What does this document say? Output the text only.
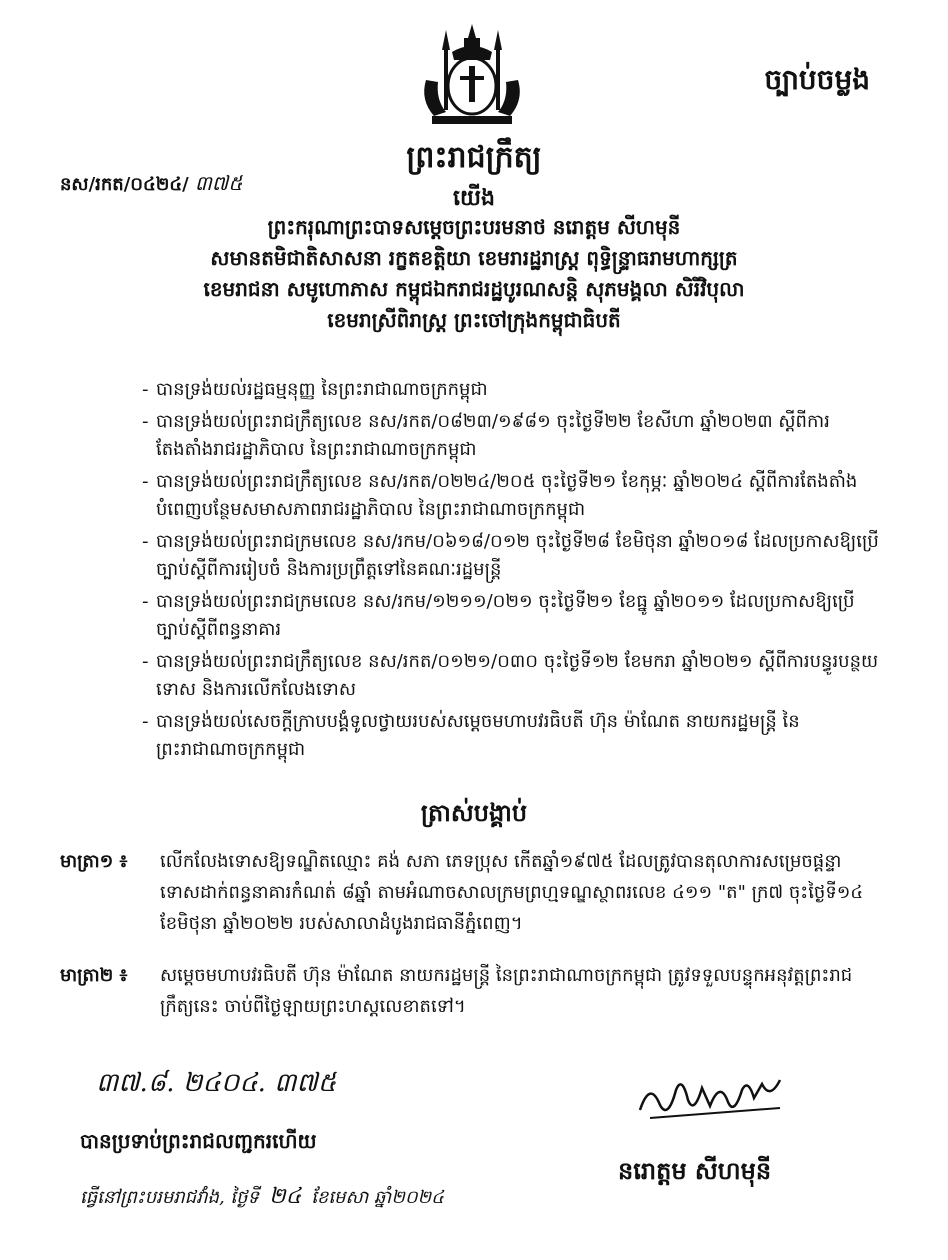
ច្បាប់ចម្លង
ព្រះរាជក្រឹត្យ
នស/រកត/០៤២៤/ ៣៧៥
យើង
ព្រះករុណាព្រះបាទសម្តេចព្រះបរមនាថ នរោត្តម សីហមុនី
សមានតមិជាតិសាសនា រក្ខតខត្តិយា ខេមរារដ្ឋរាស្ត្រ ពុទ្ធិន្ទ្រាធរាមហាក្សត្រ
ខេមរាជនា សមូហោភាស កម្ពុជឯករាជរដ្ឋបូរណសន្តិ សុភមង្គលា សិរីវិបុលា
ខេមរាស្រីពិរាស្ត្រ ព្រះចៅក្រុងកម្ពុជាធិបតី
- បានទ្រង់យល់រដ្ឋធម្មនុញ្ញ នៃព្រះរាជាណាចក្រកម្ពុជា
- បានទ្រង់យល់ព្រះរាជក្រឹត្យលេខ នស/រកត/០៨២៣/១៩៨១ ចុះថ្ងៃទី២២ ខែសីហា ឆ្នាំ២០២៣ ស្តីពីការតែងតាំងរាជរដ្ឋាភិបាល នៃព្រះរាជាណាចក្រកម្ពុជា
- បានទ្រង់យល់ព្រះរាជក្រឹត្យលេខ នស/រកត/០២២៤/២០៥ ចុះថ្ងៃទី២១ ខែកុម្ភៈ ឆ្នាំ២០២៤ ស្តីពីការតែងតាំងបំពេញបន្ថែមសមាសភាពរាជរដ្ឋាភិបាល នៃព្រះរាជាណាចក្រកម្ពុជា
- បានទ្រង់យល់ព្រះរាជក្រមលេខ នស/រកម/០៦១៨/០១២ ចុះថ្ងៃទី២៨ ខែមិថុនា ឆ្នាំ២០១៨ ដែលប្រកាសឱ្យប្រើច្បាប់ស្តីពីការរៀបចំ និងការប្រព្រឹត្តទៅនៃគណៈរដ្ឋមន្ត្រី
- បានទ្រង់យល់ព្រះរាជក្រមលេខ នស/រកម/១២១១/០២១ ចុះថ្ងៃទី២១ ខែធ្នូ ឆ្នាំ២០១១ ដែលប្រកាសឱ្យប្រើច្បាប់ស្តីពីពន្ធនាគារ
- បានទ្រង់យល់ព្រះរាជក្រឹត្យលេខ នស/រកត/០១២១/០៣០ ចុះថ្ងៃទី១២ ខែមករា ឆ្នាំ២០២១ ស្តីពីការបន្ធូរបន្ថយទោស និងការលើកលែងទោស
- បានទ្រង់យល់សេចក្តីក្រាបបង្គំទូលថ្វាយរបស់សម្តេចមហាបវរធិបតី ហ៊ុន ម៉ាណែត នាយករដ្ឋមន្ត្រី នៃព្រះរាជាណាចក្រកម្ពុជា
ត្រាស់បង្គាប់
មាត្រា១ ៖	លើកលែងទោសឱ្យទណ្ឌិតឈ្មោះ គង់ សភា ភេទប្រុស កើតឆ្នាំ១៩៧៥ ដែលត្រូវបានតុលាការសម្រេចផ្តន្ទាទោសដាក់ពន្ធនាគារកំណត់ ៨ឆ្នាំ តាមអំណាចសាលក្រមព្រហ្មទណ្ឌស្ថាពរលេខ ៤១១ "ត" ក្រ៧ ចុះថ្ងៃទី១៤ ខែមិថុនា ឆ្នាំ២០២២ របស់សាលាដំបូងរាជធានីភ្នំពេញ។
មាត្រា២ ៖	សម្តេចមហាបវរធិបតី ហ៊ុន ម៉ាណែត នាយករដ្ឋមន្ត្រី នៃព្រះរាជាណាចក្រកម្ពុជា ត្រូវទទួលបន្ទុកអនុវត្តព្រះរាជក្រឹត្យនេះ ចាប់ពីថ្ងៃឡាយព្រះហស្តលេខាតទៅ។
៣៧.៨. ២៤០៤. ៣៧៥
បានប្រទាប់ព្រះរាជលញ្ជករហើយ
ធ្វើនៅព្រះបរមរាជវាំង, ថ្ងៃទី ២៤ ខែមេសា ឆ្នាំ២០២៤
នរោត្តម សីហមុនី
